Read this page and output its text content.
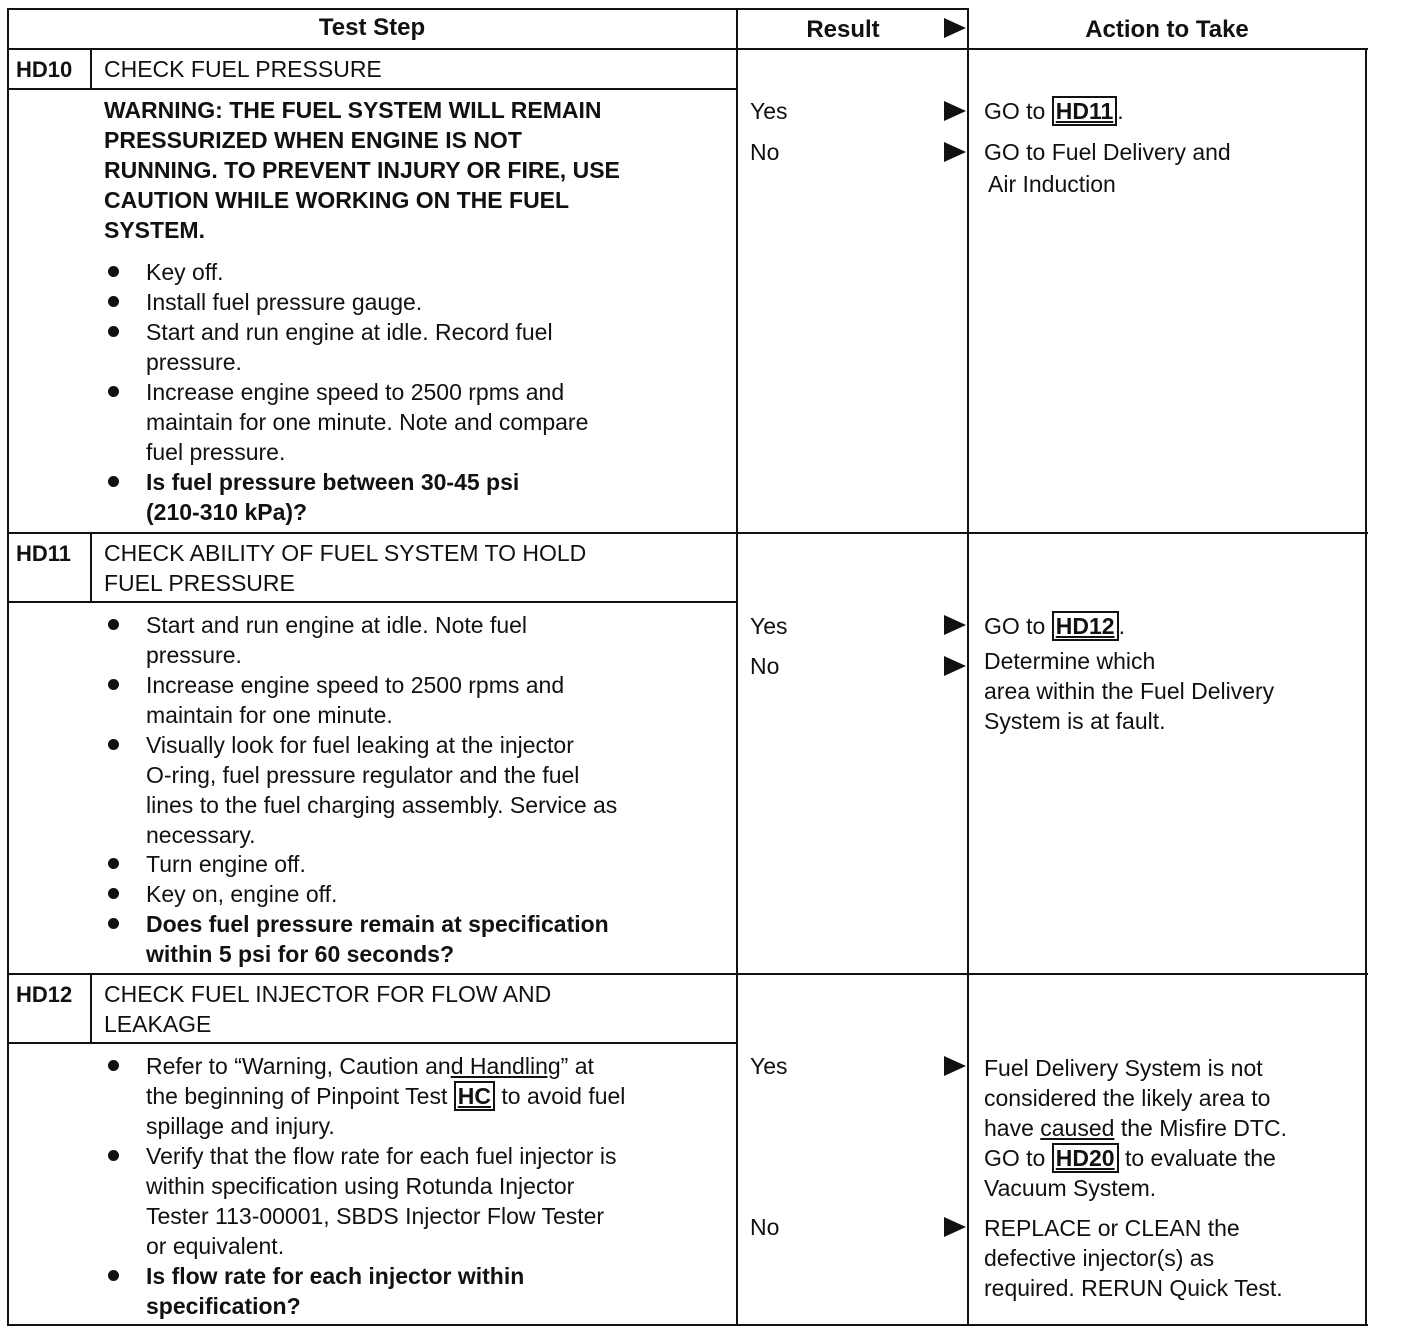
Test Step	Result	Action to Take
HD10 CHECK FUEL PRESSURE
WARNING: THE FUEL SYSTEM WILL REMAIN
PRESSURIZED WHEN ENGINE IS NOT
RUNNING. TO PREVENT INJURY OR FIRE, USE
CAUTION WHILE WORKING ON THE FUEL
SYSTEM.
Key off.
Install fuel pressure gauge.
Start and run engine at idle. Record fuel
pressure.
Increase engine speed to 2500 rpms and
maintain for one minute. Note and compare
fuel pressure.
Is fuel pressure between 30-45 psi
(210-310 kPa)?
Yes
No
GO to HD11 .
GO to Fuel Delivery and
Air Induction
HD11 CHECK ABILITY OF FUEL SYSTEM TO HOLD
FUEL PRESSURE
Start and run engine at idle. Note fuel
pressure.
Increase engine speed to 2500 rpms and
maintain for one minute.
Visually look for fuel leaking at the injector
O-ring, fuel pressure regulator and the fuel
lines to the fuel charging assembly. Service as
necessary.
Turn engine off.
Key on, engine off.
Does fuel pressure remain at specification
within 5 psi for 60 seconds?
Yes
No
GO to HD12 .
Determine which
area within the Fuel Delivery
System is at fault.
HD12 CHECK FUEL INJECTOR FOR FLOW AND
LEAKAGE
Refer to “Warning, Caution and Handling” at
the beginning of Pinpoint Test HC to avoid fuel
spillage and injury.
Verify that the flow rate for each fuel injector is
within specification using Rotunda Injector
Tester 113-00001, SBDS Injector Flow Tester
or equivalent.
Is flow rate for each injector within
specification?
Yes
No
Fuel Delivery System is not
considered the likely area to
have caused the Misfire DTC.
GO to HD20 to evaluate the
Vacuum System.
REPLACE or CLEAN the
defective injector(s) as
required. RERUN Quick Test.
